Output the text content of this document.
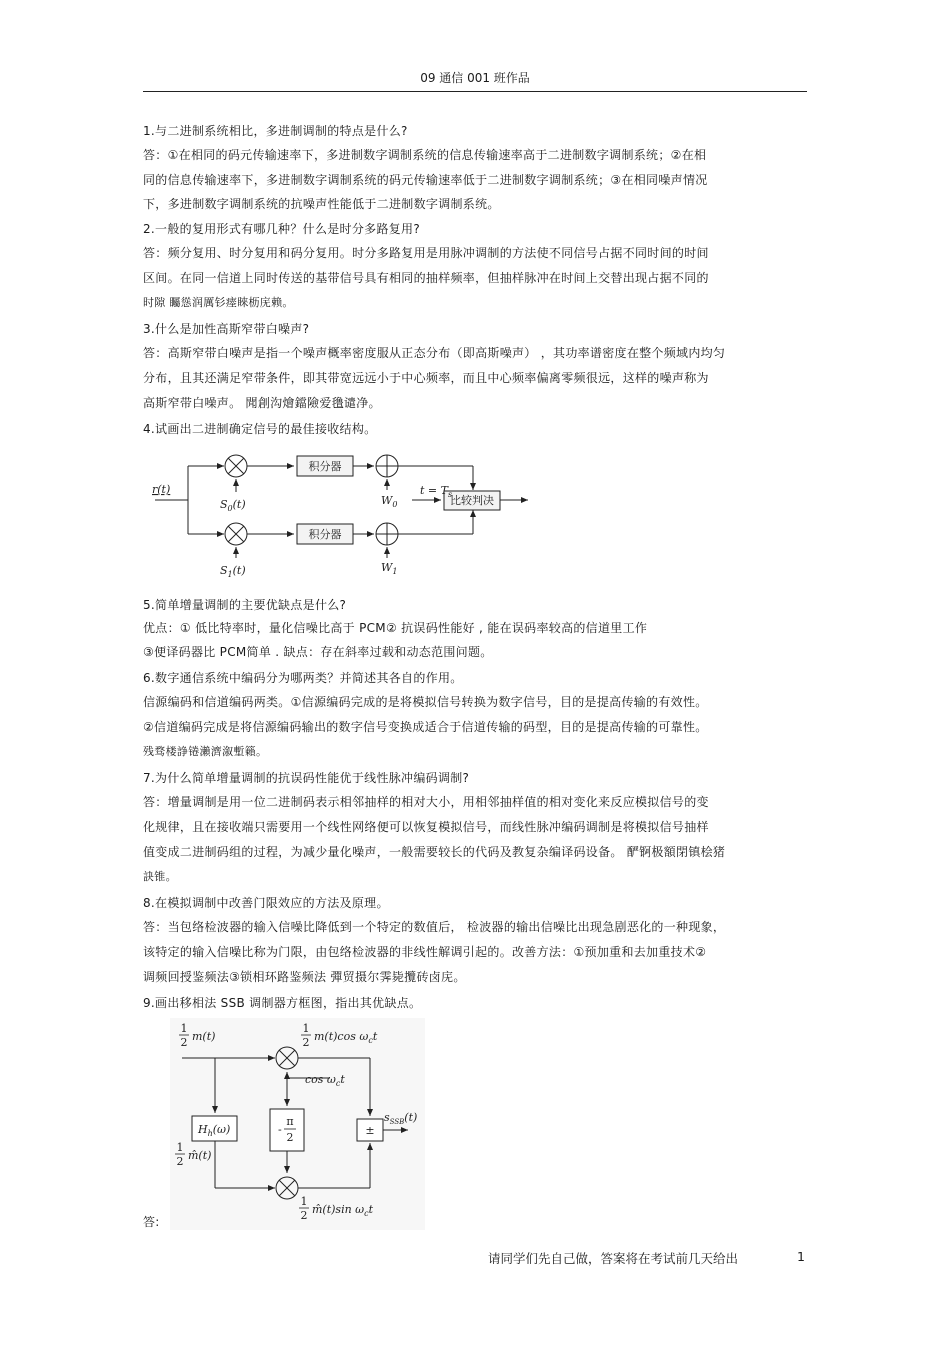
09 通信 001 班作品
1.与二进制系统相比，多进制调制的特点是什么?
答：①在相同的码元传输速率下，多进制数字调制系统的信息传输速率高于二进制数字调制系统；②在相
同的信息传输速率下，多进制数字调制系统的码元传输速率低于二进制数字调制系统；③在相同噪声情况
下，多进制数字调制系统的抗噪声性能低于二进制数字调制系统。
2.一般的复用形式有哪几种？什么是时分多路复用?
答：频分复用、时分复用和码分复用。时分多路复用是用脉冲调制的方法使不同信号占据不同时间的时间
区间。在同一信道上同时传送的基带信号具有相同的抽样频率，但抽样脉冲在时间上交替出现占据不同的
时隙 矚慫润厲钐瘗睞枥庑赖。
3.什么是加性高斯窄带白噪声?
答：高斯窄带白噪声是指一个噪声概率密度服从正态分布（即高斯噪声） ，其功率谱密度在整个频域内均匀
分布，且其还满足窄带条件，即其带宽远远小于中心频率，而且中心频率偏离零频很远，这样的噪声称为
高斯窄带白噪声。 聞創沟燴鐺險爱氇谴净。
4.试画出二进制确定信号的最佳接收结构。
r(t)
$S_0(t)$
$S_1(t)$
积分器
积分器
$W_0$
$W_1$
$t = T_s$
比较判决
5.简单增量调制的主要优缺点是什么?
优点：① 低比特率时，量化信噪比高于 PCM② 抗误码性能好 , 能在误码率较高的信道里工作
③便译码器比 PCM简单 . 缺点：存在斜率过载和动态范围问题。
6.数字通信系统中编码分为哪两类？并简述其各自的作用。
信源编码和信道编码两类。①信源编码完成的是将模拟信号转换为数字信号，目的是提高传输的有效性。
②信道编码完成是将信源编码输出的数字信号变换成适合于信道传输的码型，目的是提高传输的可靠性。
残骛楼諍锩瀨濟溆塹籟。
7.为什么简单增量调制的抗误码性能优于线性脉冲编码调制?
答：增量调制是用一位二进制码表示相邻抽样的相对大小，用相邻抽样值的相对变化来反应模拟信号的变
化规律，且在接收端只需要用一个线性网络便可以恢复模拟信号，而线性脉冲编码调制是将模拟信号抽样
值变成二进制码组的过程，为减少量化噪声，一般需要较长的代码及教复杂编译码设备。 酽锕极額閉镇桧猪
訣锥。
8.在模拟调制中改善门限效应的方法及原理。
答：当包络检波器的输入信噪比降低到一个特定的数值后， 检波器的输出信噪比出现急剧恶化的一种现象，
该特定的输入信噪比称为门限，由包络检波器的非线性解调引起的。改善方法：①预加重和去加重技术②
调频回授鉴频法③锁相环路鉴频法 彈贸摄尔霁毙攬砖卤庑。
9.画出移相法 SSB 调制器方框图，指出其优缺点。
1
2 m(t)
1
2 m(t)cos $\omega_ct$
$\cos \omega_ct$
$H_h(\omega)$
π
-
2
±
$s_{SSB}(t)$
1
2 m̂(t)
1
2 m̂(t)sin $\omega_ct$
答:
请同学们先自己做，答案将在考试前几天给出	1
